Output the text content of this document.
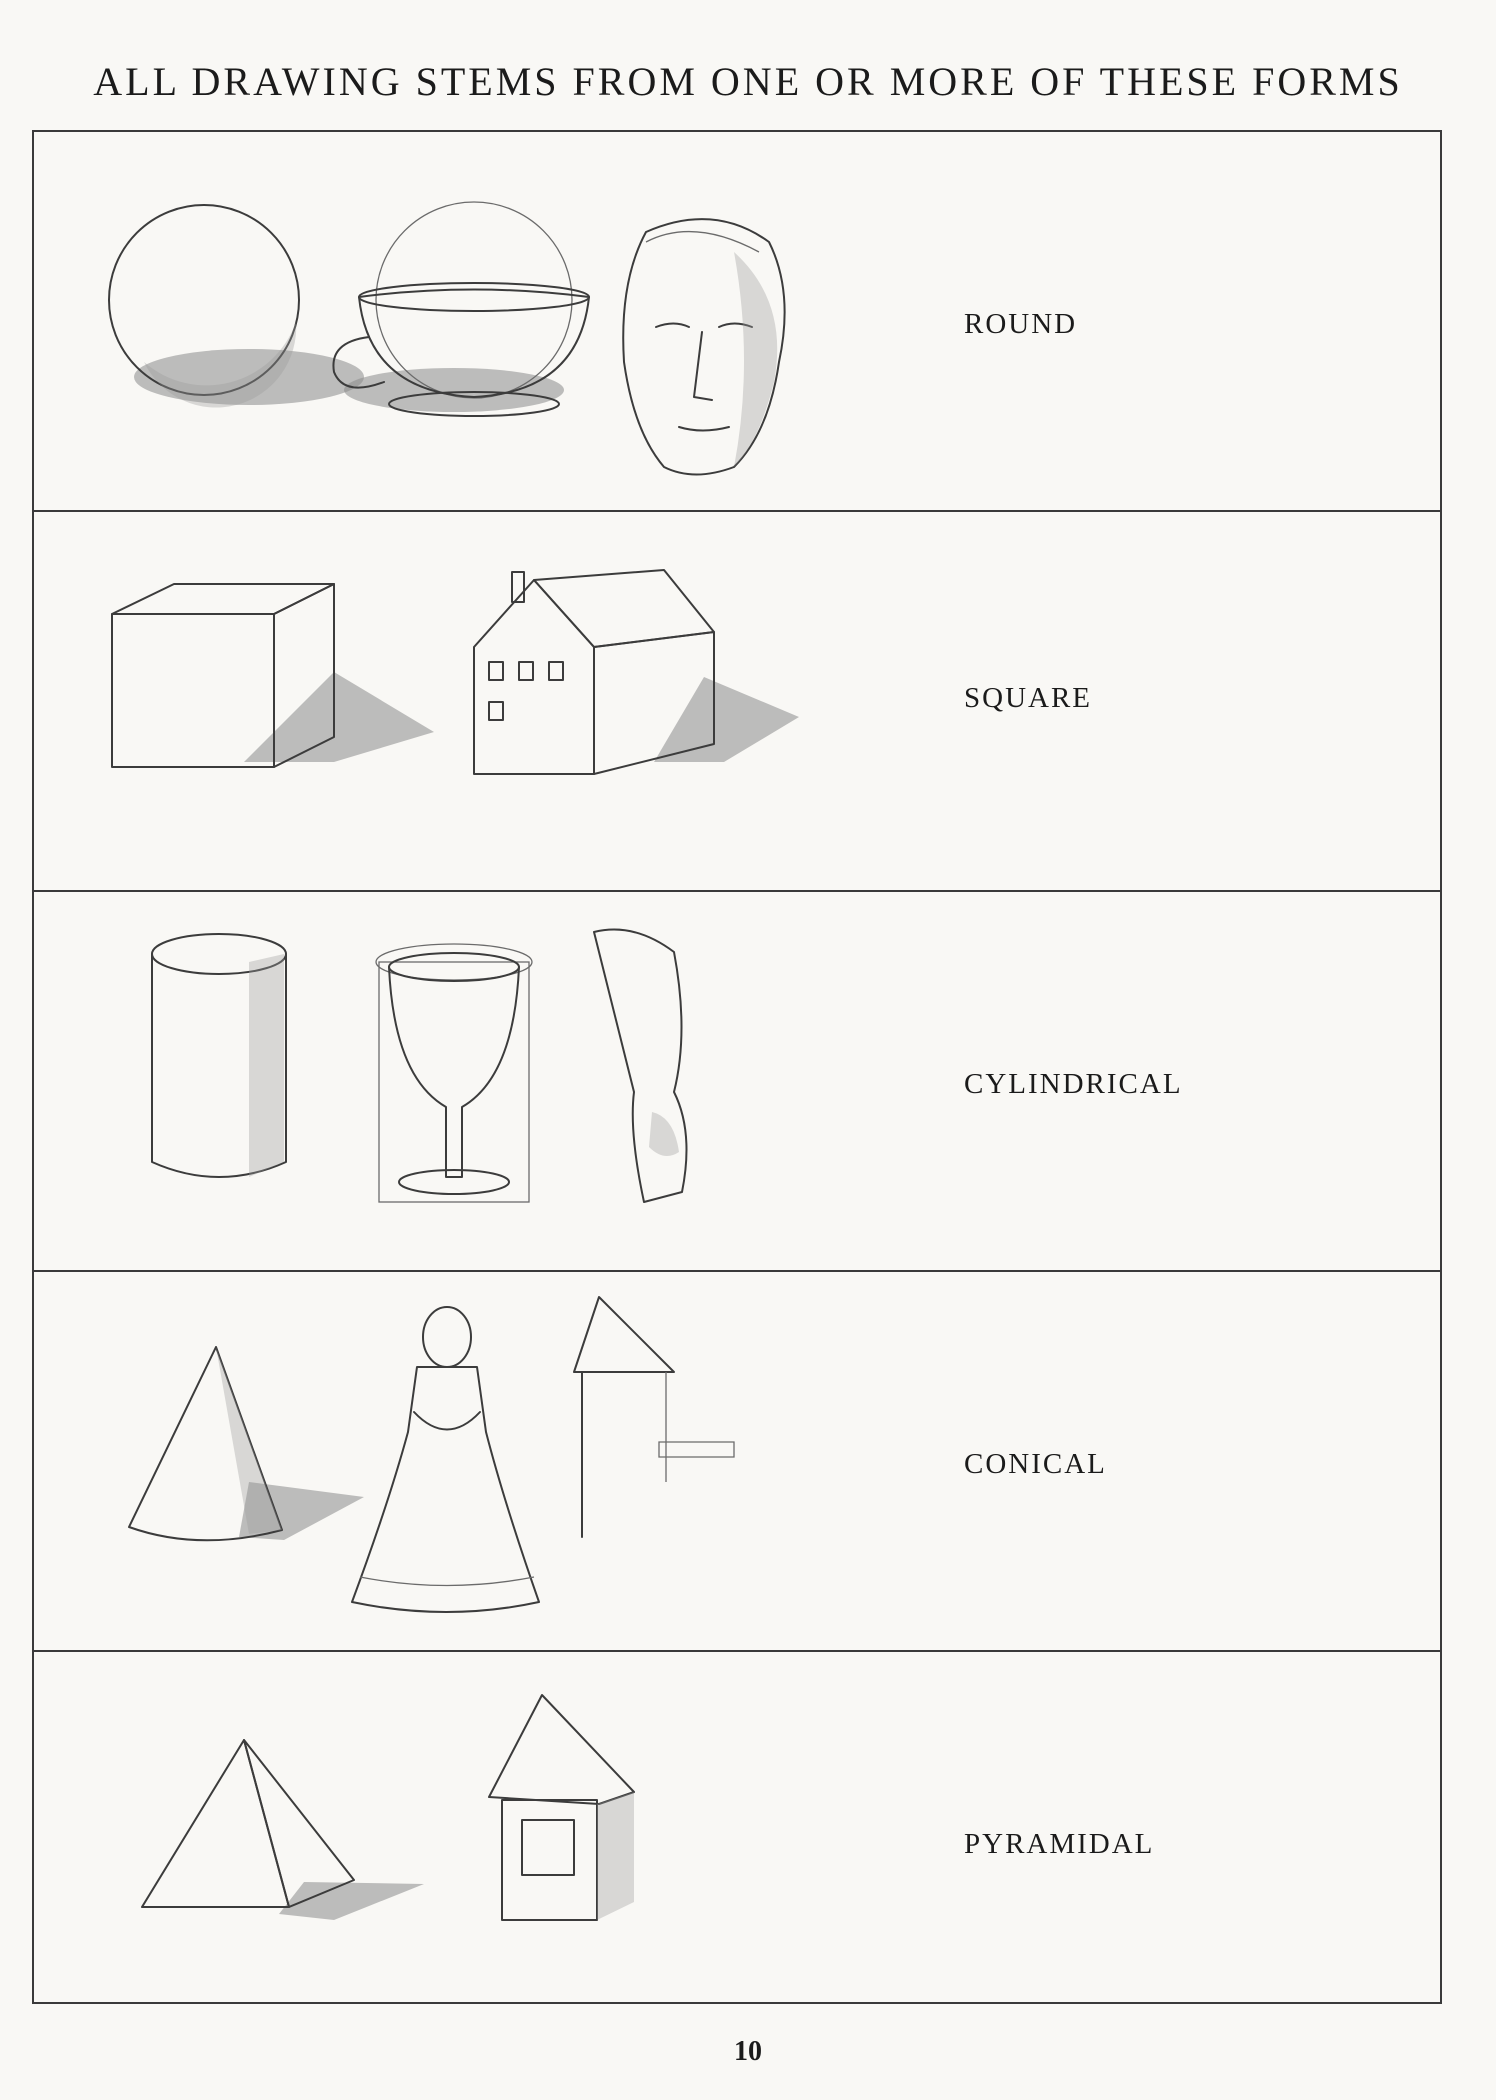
ALL DRAWING STEMS FROM ONE OR MORE OF THESE FORMS
ROUND
SQUARE
CYLINDRICAL
CONICAL
PYRAMIDAL
10
